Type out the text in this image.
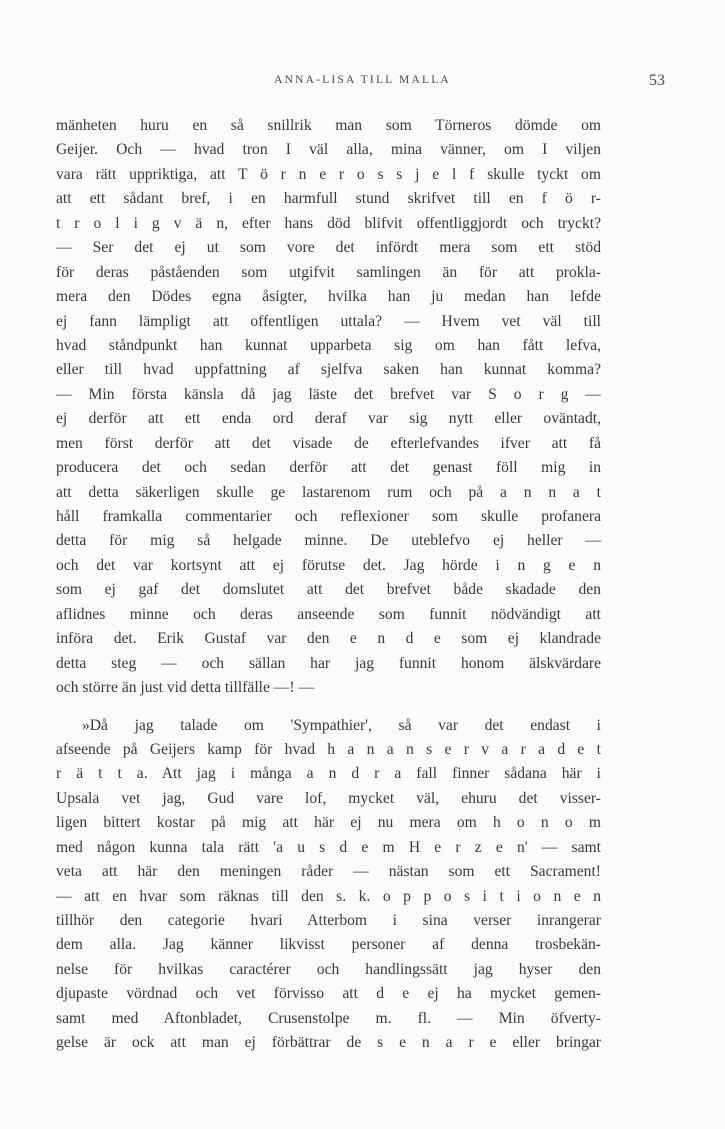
ANNA-LISA TILL MALLA	53
mänheten huru en så snillrik man som Törneros dömde om
Geijer. Och — hvad tron I väl alla, mina vänner, om I viljen
vara rätt uppriktiga, att T ö r n e r o s s j e l f skulle tyckt om
att ett sådant bref, i en harmfull stund skrifvet till en f ö r-
t r o l i g v ä n, efter hans död blifvit offentliggjordt och tryckt?
— Ser det ej ut som vore det infördt mera som ett stöd
för deras påståenden som utgifvit samlingen än för att prokla-
mera den Dödes egna åsigter, hvilka han ju medan han lefde
ej fann lämpligt att offentligen uttala? — Hvem vet väl till
hvad ståndpunkt han kunnat upparbeta sig om han fått lefva,
eller till hvad uppfattning af sjelfva saken han kunnat komma?
— Min första känsla då jag läste det brefvet var S o r g —
ej derför att ett enda ord deraf var sig nytt eller oväntadt,
men först derför att det visade de efterlefvandes ifver att få
producera det och sedan derför att det genast föll mig in
att detta säkerligen skulle ge lastarenom rum och på a n n a t
håll framkalla commentarier och reflexioner som skulle profanera
detta för mig så helgade minne. De uteblefvo ej heller —
och det var kortsynt att ej förutse det. Jag hörde i n g e n
som ej gaf det domslutet att det brefvet både skadade den
aflidnes minne och deras anseende som funnit nödvändigt att
införa det. Erik Gustaf var den e n d e som ej klandrade
detta steg — och sällan har jag funnit honom älskvärdare
och större än just vid detta tillfälle —! —
»Då jag talade om 'Sympathier', så var det endast i
afseende på Geijers kamp för hvad h a n a n s e r v a r a d e t
r ä t t a. Att jag i många a n d r a fall finner sådana här i
Upsala vet jag, Gud vare lof, mycket väl, ehuru det visser-
ligen bittert kostar på mig att här ej nu mera om h o n o m
med någon kunna tala rätt 'a u s d e m H e r z e n' — samt
veta att här den meningen råder — nästan som ett Sacrament!
— att en hvar som räknas till den s. k. o p p o s i t i o n e n
tillhör den categorie hvari Atterbom i sina verser inrangerar
dem alla. Jag känner likvisst personer af denna trosbekän-
nelse för hvilkas caractérer och handlingssätt jag hyser den
djupaste vördnad och vet förvisso att d e ej ha mycket gemen-
samt med Aftonbladet, Crusenstolpe m. fl. — Min öfverty-
gelse är ock att man ej förbättrar de s e n a r e eller bringar
